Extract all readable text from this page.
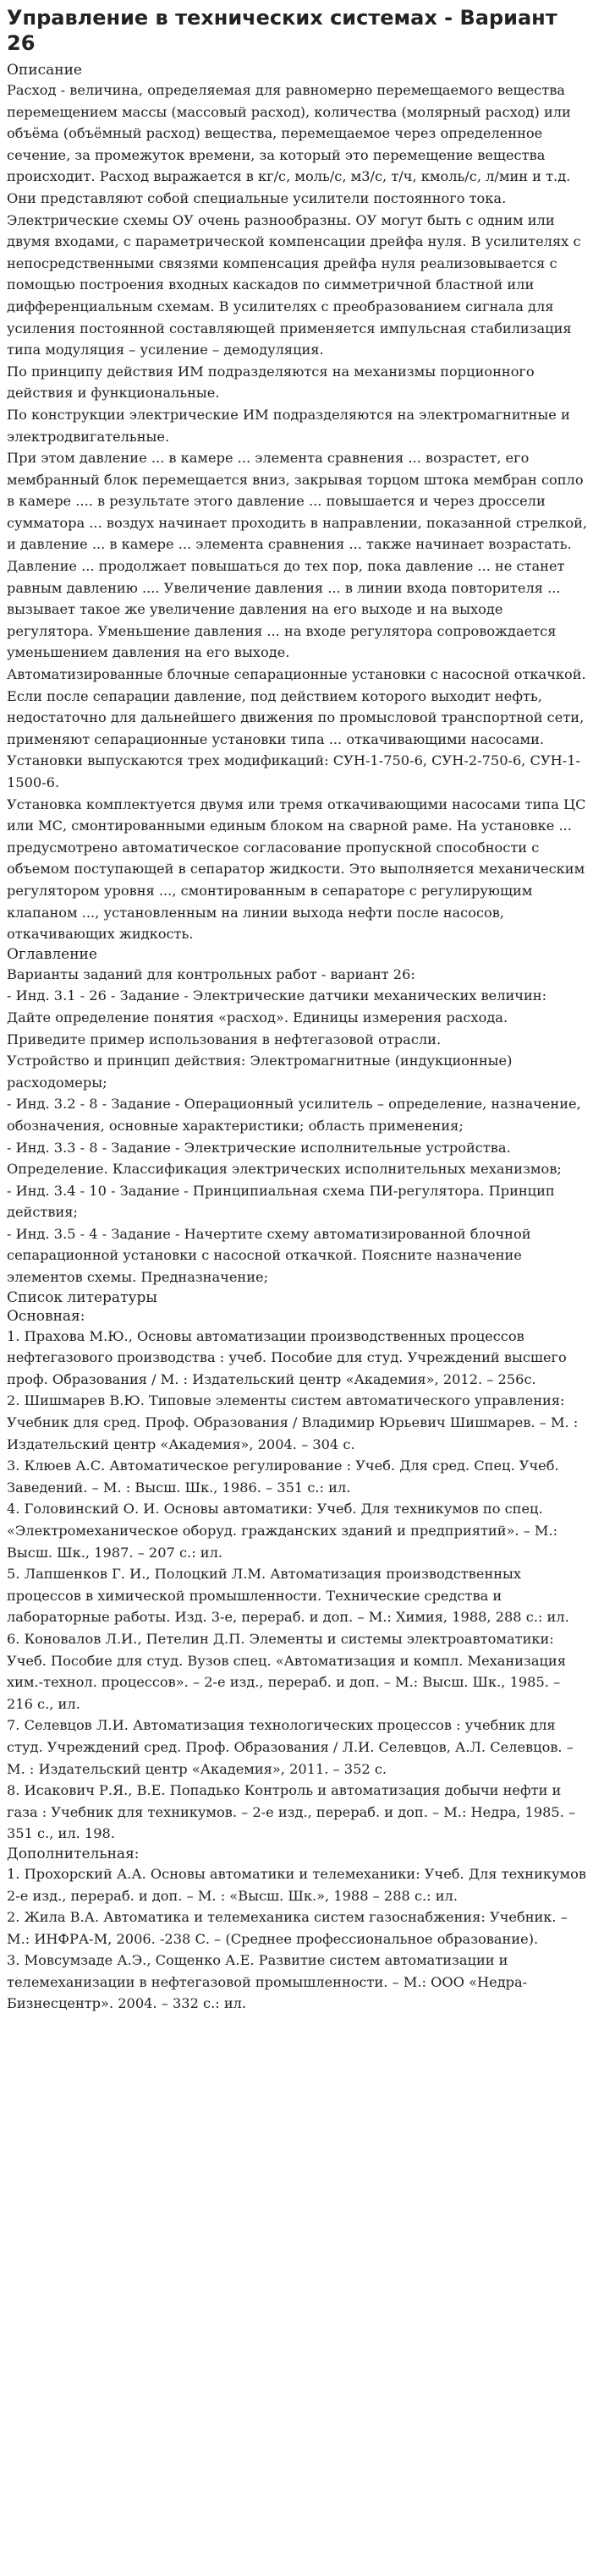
Управление в технических системах - Вариант 26
Описание

Расход - величина, определяемая для равномерно перемещаемого вещества перемещением массы (массовый расход), количества (молярный расход) или объёма (объёмный расход) вещества, перемещаемое через определенное сечение, за промежуток времени, за который это перемещение вещества происходит. Расход выражается в кг/с, моль/с, м3/с, т/ч, кмоль/с, л/мин и т.д.

Они представляют собой специальные усилители постоянного тока. Электрические схемы ОУ очень разнообразны. ОУ могут быть с одним или двумя входами, с параметрической компенсации дрейфа нуля. В усилителях с непосредственными связями компенсация дрейфа нуля реализовывается с помощью построения входных каскадов по симметричной бластной или дифференциальным схемам. В усилителях с преобразованием сигнала для усиления постоянной составляющей применяется импульсная стабилизация типа модуляция – усиление – демодуляция.

По принципу действия ИМ подразделяются на механизмы порционного действия и функциональные.

По конструкции электрические ИМ подразделяются на электромагнитные и электродвигательные.

При этом давление ... в камере ... элемента сравнения ... возрастет, его мембранный блок перемещается вниз, закрывая торцом штока мембран сопло в камере .... в результате этого давление ... повышается и через дроссели сумматора ... воздух начинает проходить в направлении, показанной стрелкой, и давление ... в камере ... элемента сравнения ... также начинает возрастать. Давление ... продолжает повышаться до тех пор, пока давление ... не станет равным давлению .... Увеличение давления ... в линии входа повторителя ... вызывает такое же увеличение давления на его выходе и на выходе регулятора. Уменьшение давления ... на входе регулятора сопровождается уменьшением давления на его выходе.

Автоматизированные блочные сепарационные установки с насосной откачкой. Если после сепарации давление, под действием которого выходит нефть, недостаточно для дальнейшего движения по промысловой транспортной сети, применяют сепарационные установки типа ... откачивающими насосами. Установки выпускаются трех модификаций: СУН-1-750-6, СУН-2-750-6, СУН-1-1500-6.

Установка комплектуется двумя или тремя откачивающими насосами типа ЦС или МС, смонтированными единым блоком на сварной раме. На установке ... предусмотрено автоматическое согласование пропускной способности с объемом поступающей в сепаратор жидкости. Это выполняется механическим регулятором уровня ..., смонтированным в сепараторе с регулирующим клапаном ..., установленным на линии выхода нефти после насосов, откачивающих жидкость.

Оглавление

Варианты заданий для контрольных работ - вариант 26:

- Инд. 3.1 - 26 - Задание - Электрические датчики механических величин:

Дайте определение понятия «расход». Единицы измерения расхода. Приведите пример использования в нефтегазовой отрасли.

Устройство и принцип действия: Электромагнитные (индукционные) расходомеры;

- Инд. 3.2 - 8 - Задание - Операционный усилитель – определение, назначение, обозначения, основные характеристики; область применения;

- Инд. 3.3 - 8 - Задание - Электрические исполнительные устройства. Определение. Классификация электрических исполнительных механизмов;

- Инд. 3.4 - 10 - Задание - Принципиальная схема ПИ-регулятора. Принцип действия;

- Инд. 3.5 - 4 - Задание - Начертите схему автоматизированной блочной сепарационной установки с насосной откачкой. Поясните назначение элементов схемы. Предназначение;

Список литературы
Основная:

1. Прахова М.Ю., Основы автоматизации производственных процессов нефтегазового производства : учеб. Пособие для студ. Учреждений высшего проф. Образования / М. : Издательский центр «Академия», 2012. – 256с.

2. Шишмарев В.Ю. Типовые элементы систем автоматического управления: Учебник для сред. Проф. Образования / Владимир Юрьевич Шишмарев. – М. : Издательский центр «Академия», 2004. – 304 с.

3. Клюев А.С. Автоматическое регулирование : Учеб. Для сред. Спец. Учеб. Заведений. – М. : Высш. Шк., 1986. – 351 с.: ил.

4. Головинский О. И. Основы автоматики: Учеб. Для техникумов по спец. «Электромеханическое оборуд. гражданских зданий и предприятий». – М.: Высш. Шк., 1987. – 207 с.: ил.

5. Лапшенков Г. И., Полоцкий Л.М. Автоматизация производственных процессов в химической промышленности. Технические средства и лабораторные работы. Изд. 3-е, перераб. и доп. – М.: Химия, 1988, 288 с.: ил.

6. Коновалов Л.И., Петелин Д.П. Элементы и системы электроавтоматики: Учеб. Пособие для студ. Вузов спец. «Автоматизация и компл. Механизация хим.-технол. процессов». – 2-е изд., перераб. и доп. – М.: Высш. Шк., 1985. – 216 с., ил.

7. Селевцов Л.И. Автоматизация технологических процессов : учебник для студ. Учреждений сред. Проф. Образования / Л.И. Селевцов, А.Л. Селевцов. – М. : Издательский центр «Академия», 2011. – 352 с.

8. Исакович Р.Я., В.Е. Попадько Контроль и автоматизация добычи нефти и газа : Учебник для техникумов. – 2-е изд., перераб. и доп. – М.: Недра, 1985. – 351 с., ил. 198.

Дополнительная:

1. Прохорский А.А. Основы автоматики и телемеханики: Учеб. Для техникумов 2-е изд., перераб. и доп. – М. : «Высш. Шк.», 1988 – 288 с.: ил.

2. Жила В.А. Автоматика и телемеханика систем газоснабжения: Учебник. – М.: ИНФРА-М, 2006. -238 С. – (Среднее профессиональное образование).

3. Мовсумзаде А.Э., Сощенко А.Е. Развитие систем автоматизации и телемеханизации в нефтегазовой промышленности. – М.: ООО «Недра-Бизнесцентр». 2004. – 332 с.: ил.
